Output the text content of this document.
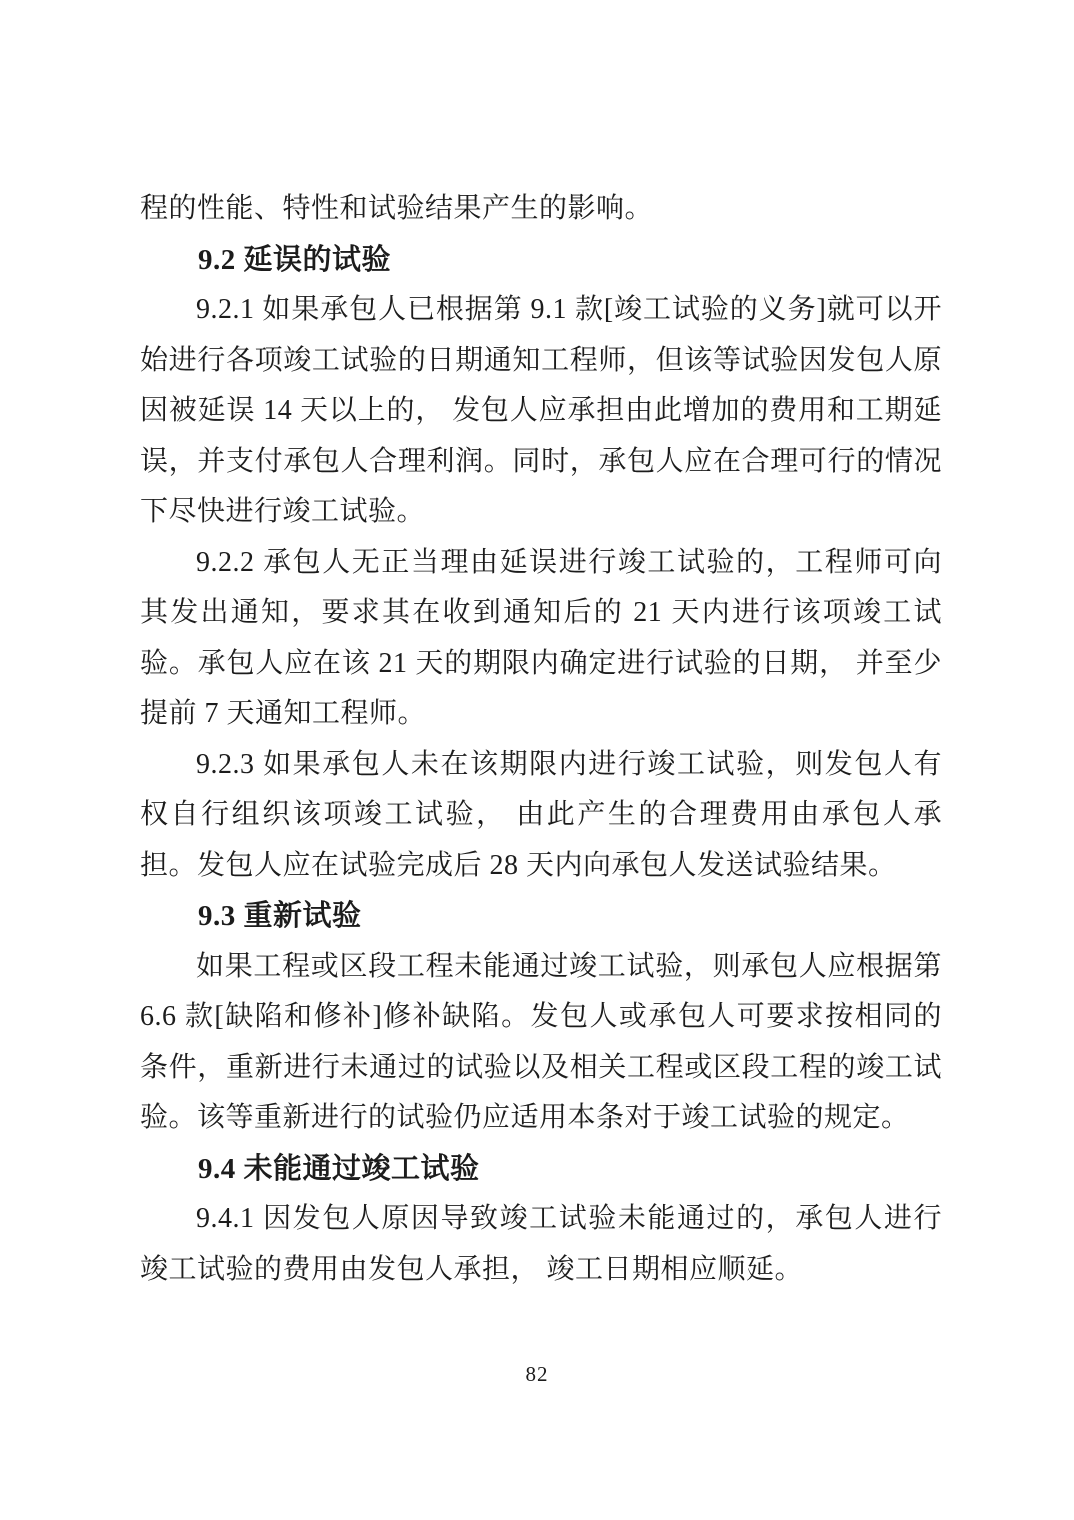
程的性能、特性和试验结果产生的影响。

9.2 延误的试验

9.2.1 如果承包人已根据第 9.1 款[竣工试验的义务]就可以开始进行各项竣工试验的日期通知工程师，但该等试验因发包人原因被延误 14 天以上的， 发包人应承担由此增加的费用和工期延误，并支付承包人合理利润。同时，承包人应在合理可行的情况下尽快进行竣工试验。

9.2.2 承包人无正当理由延误进行竣工试验的，工程师可向其发出通知，要求其在收到通知后的 21 天内进行该项竣工试验。承包人应在该 21 天的期限内确定进行试验的日期， 并至少提前 7 天通知工程师。

9.2.3 如果承包人未在该期限内进行竣工试验，则发包人有权自行组织该项竣工试验， 由此产生的合理费用由承包人承担。发包人应在试验完成后 28 天内向承包人发送试验结果。

9.3 重新试验

如果工程或区段工程未能通过竣工试验，则承包人应根据第 6.6 款[缺陷和修补]修补缺陷。发包人或承包人可要求按相同的条件，重新进行未通过的试验以及相关工程或区段工程的竣工试验。该等重新进行的试验仍应适用本条对于竣工试验的规定。

9.4 未能通过竣工试验

9.4.1 因发包人原因导致竣工试验未能通过的，承包人进行竣工试验的费用由发包人承担， 竣工日期相应顺延。

82
